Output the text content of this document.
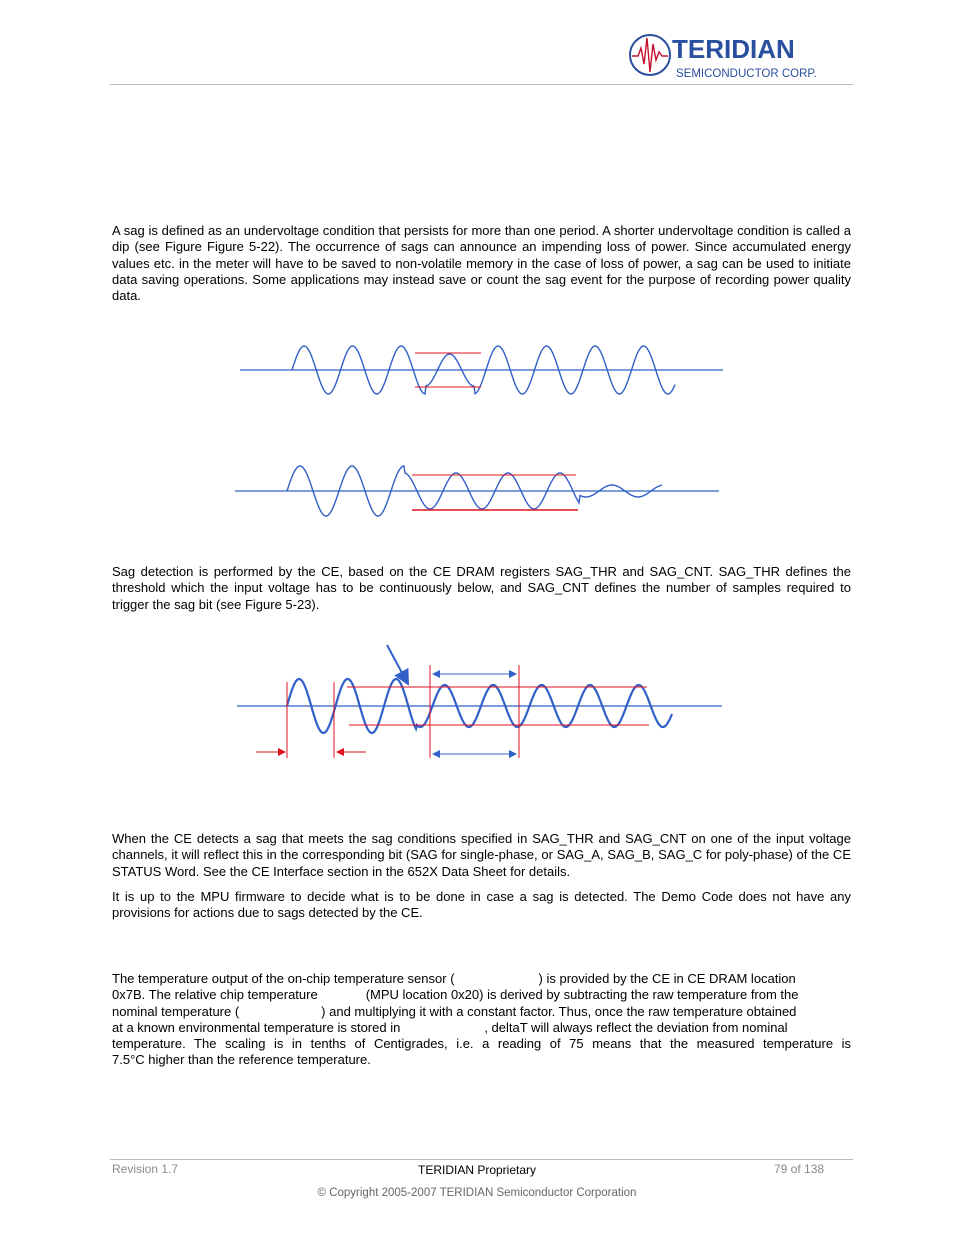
TERIDIAN
SEMICONDUCTOR CORP.

A sag is defined as an undervoltage condition that persists for more than one period. A shorter undervoltage condition is called a dip (see Figure Figure 5-22). The occurrence of sags can announce an impending loss of power. Since accumulated energy values etc. in the meter will have to be saved to non-volatile memory in the case of loss of power, a sag can be used to initiate data saving operations. Some applications may instead save or count the sag event for the purpose of recording power quality data.

Sag detection is performed by the CE, based on the CE DRAM registers SAG_THR and SAG_CNT. SAG_THR defines the threshold which the input voltage has to be continuously below, and SAG_CNT defines the number of samples required to trigger the sag bit (see Figure 5-23).

When the CE detects a sag that meets the sag conditions specified in SAG_THR and SAG_CNT on one of the input voltage channels, it will reflect this in the corresponding bit (SAG for single-phase, or SAG_A, SAG_B, SAG_C for poly-phase) of the CE STATUS Word. See the CE Interface section in the 652X Data Sheet for details.

It is up to the MPU firmware to decide what is to be done in case a sag is detected. The Demo Code does not have any provisions for actions due to sags detected by the CE.

The temperature output of the on-chip temperature sensor (	) is provided by the CE in CE DRAM location
0x7B. The relative chip temperature	(MPU location 0x20) is derived by subtracting the raw temperature from the
nominal temperature (	) and multiplying it with a constant factor. Thus, once the raw temperature obtained
at a known environmental temperature is stored in	, deltaT will always reflect the deviation from nominal
temperature. The scaling is in tenths of Centigrades, i.e. a reading of 75 means that the measured temperature is
7.5°C higher than the reference temperature.
Revision 1.7	TERIDIAN Proprietary	79 of 138
© Copyright 2005-2007 TERIDIAN Semiconductor Corporation
